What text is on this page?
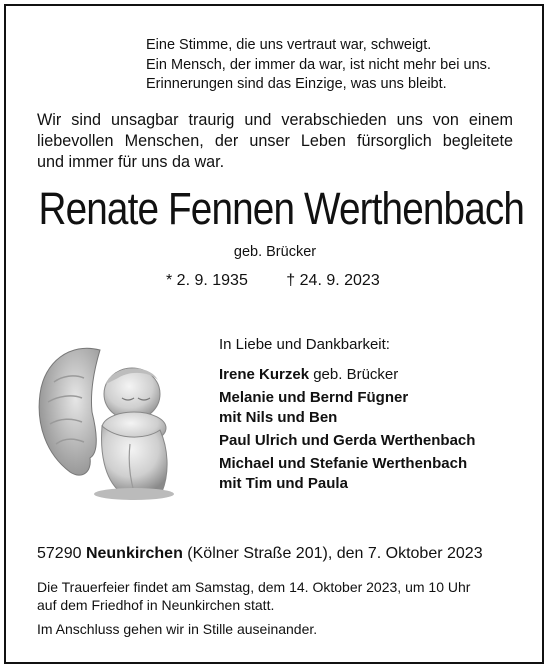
Eine Stimme, die uns vertraut war, schweigt.
Ein Mensch, der immer da war, ist nicht mehr bei uns.
Erinnerungen sind das Einzige, was uns bleibt.
Wir sind unsagbar traurig und verabschieden uns von einem
liebevollen Menschen, der unser Leben fürsorglich begleitete
und immer für uns da war.
Renate Fennen Werthenbach
geb. Brücker
* 2. 9. 1935 † 24. 9. 2023
In Liebe und Dankbarkeit:
Irene Kurzek geb. Brücker
Melanie und Bernd Fügner
mit Nils und Ben
Paul Ulrich und Gerda Werthenbach
Michael und Stefanie Werthenbach
mit Tim und Paula
57290 Neunkirchen (Kölner Straße 201), den 7. Oktober 2023
Die Trauerfeier findet am Samstag, dem 14. Oktober 2023, um 10 Uhr
auf dem Friedhof in Neunkirchen statt.
Im Anschluss gehen wir in Stille auseinander.
